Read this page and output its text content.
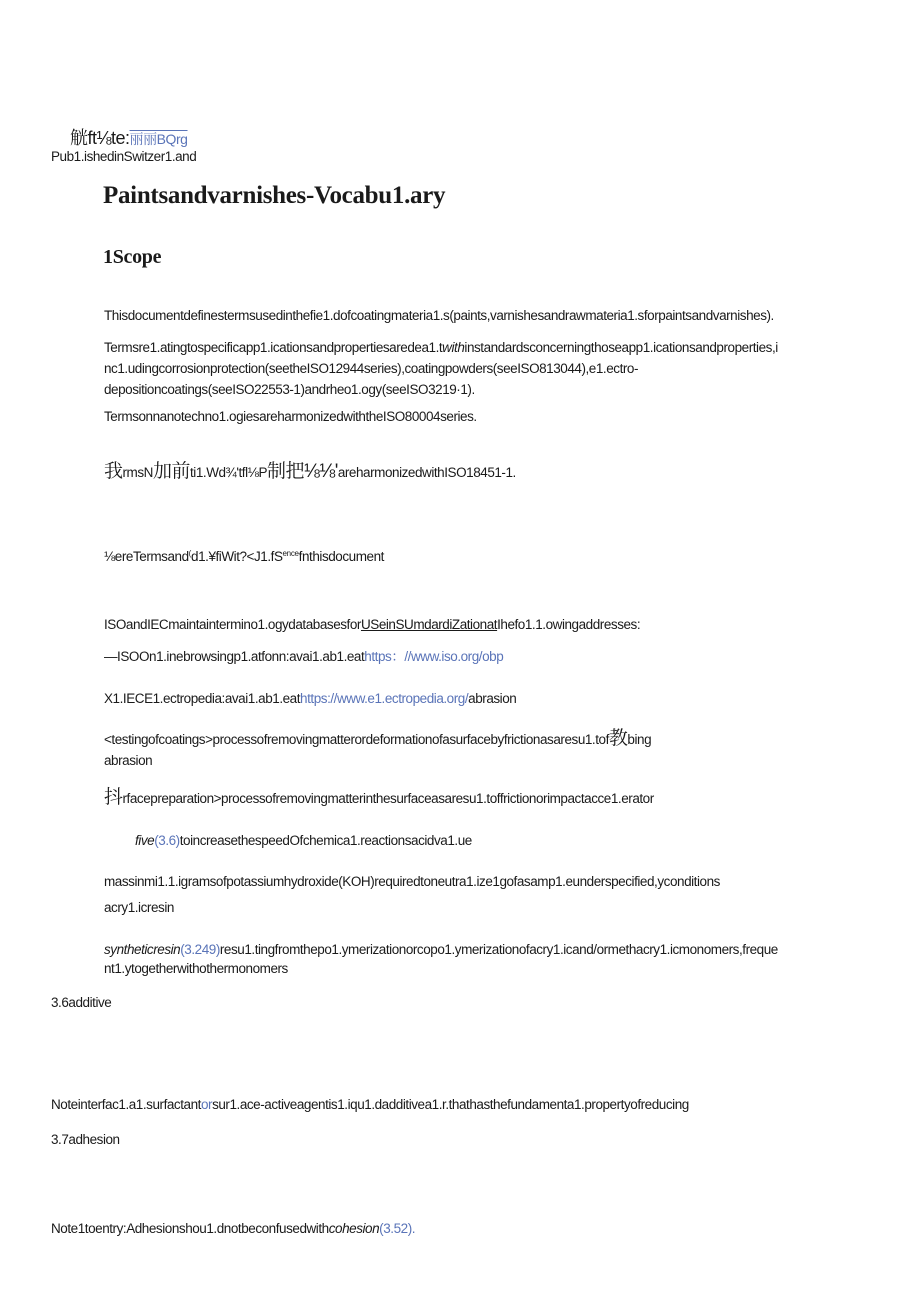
觥ft⅛te:丽丽BQrg
Pub1.ishedinSwitzer1.and
Paintsandvarnishes-Vocabu1.ary
1Scope
Thisdocumentdefinestermsusedinthefie1.dofcoatingmateria1.s(paints,varnishesandrawmateria1.sforpaintsandvarnishes).
Termsre1.atingtospecificapp1.icationsandpropertiesaredea1.twithinstandardsconcerningthoseapp1.icationsandproperties,i
nc1.udingcorrosionprotection(seetheISO12944series),coatingpowders(seeISO813044),e1.ectro-
depositioncoatings(seeISO22553-1)andrheo1.ogy(seeISO3219·1).
Termsonnanotechno1.ogiesareharmonizedwiththeISO80004series.
我rmsN加前ti1.Wd¾'tfl⅛P制把⅛⅛'areharmonizedwithISO18451-1.
$\frac{1}{8}ereTermsand^(d1.¥fiWit?<J1.fS^{ence}fnthisdocument$
ISOandIECmaintaintermino1.ogydatabasesforUSeinSUmdardiZationatIhefo1.1.owingaddresses:
—ISOOn1.inebrowsingp1.atfonn:avai1.ab1.eathttps：//www.iso.org/obp
X1.IECE1.ectropedia:avai1.ab1.eathttps://www.e1.ectropedia.org/abrasion
<testingofcoatings>processofremovingmatterordeformationofasurfacebyfrictionasaresu1.tof教bing
abrasion
抖rfacepreparation>processofremovingmatterinthesurfaceasaresu1.toffrictionorimpactacce1.erator
five(3.6)toincreasethespeedOfchemica1.reactionsacidva1.ue
massinmi1.1.igramsofpotassiumhydroxide(KOH)requiredtoneutra1.ize1gofasamp1.eunderspecified,yconditions
acry1.icresin
syntheticresin(3.249)resu1.tingfromthepo1.ymerizationorcopo1.ymerizationofacry1.icand/ormethacry1.icmonomers,freque
nt1.ytogetherwithothermonomers
3.6additive
Noteinterfac1.a1.surfactantorsur1.ace-activeagentis1.iqu1.dadditivea1.r.thathasthefundamenta1.propertyofreducing
3.7adhesion
Note1toentry:Adhesionshou1.dnotbeconfusedwithcohesion(3.52).
